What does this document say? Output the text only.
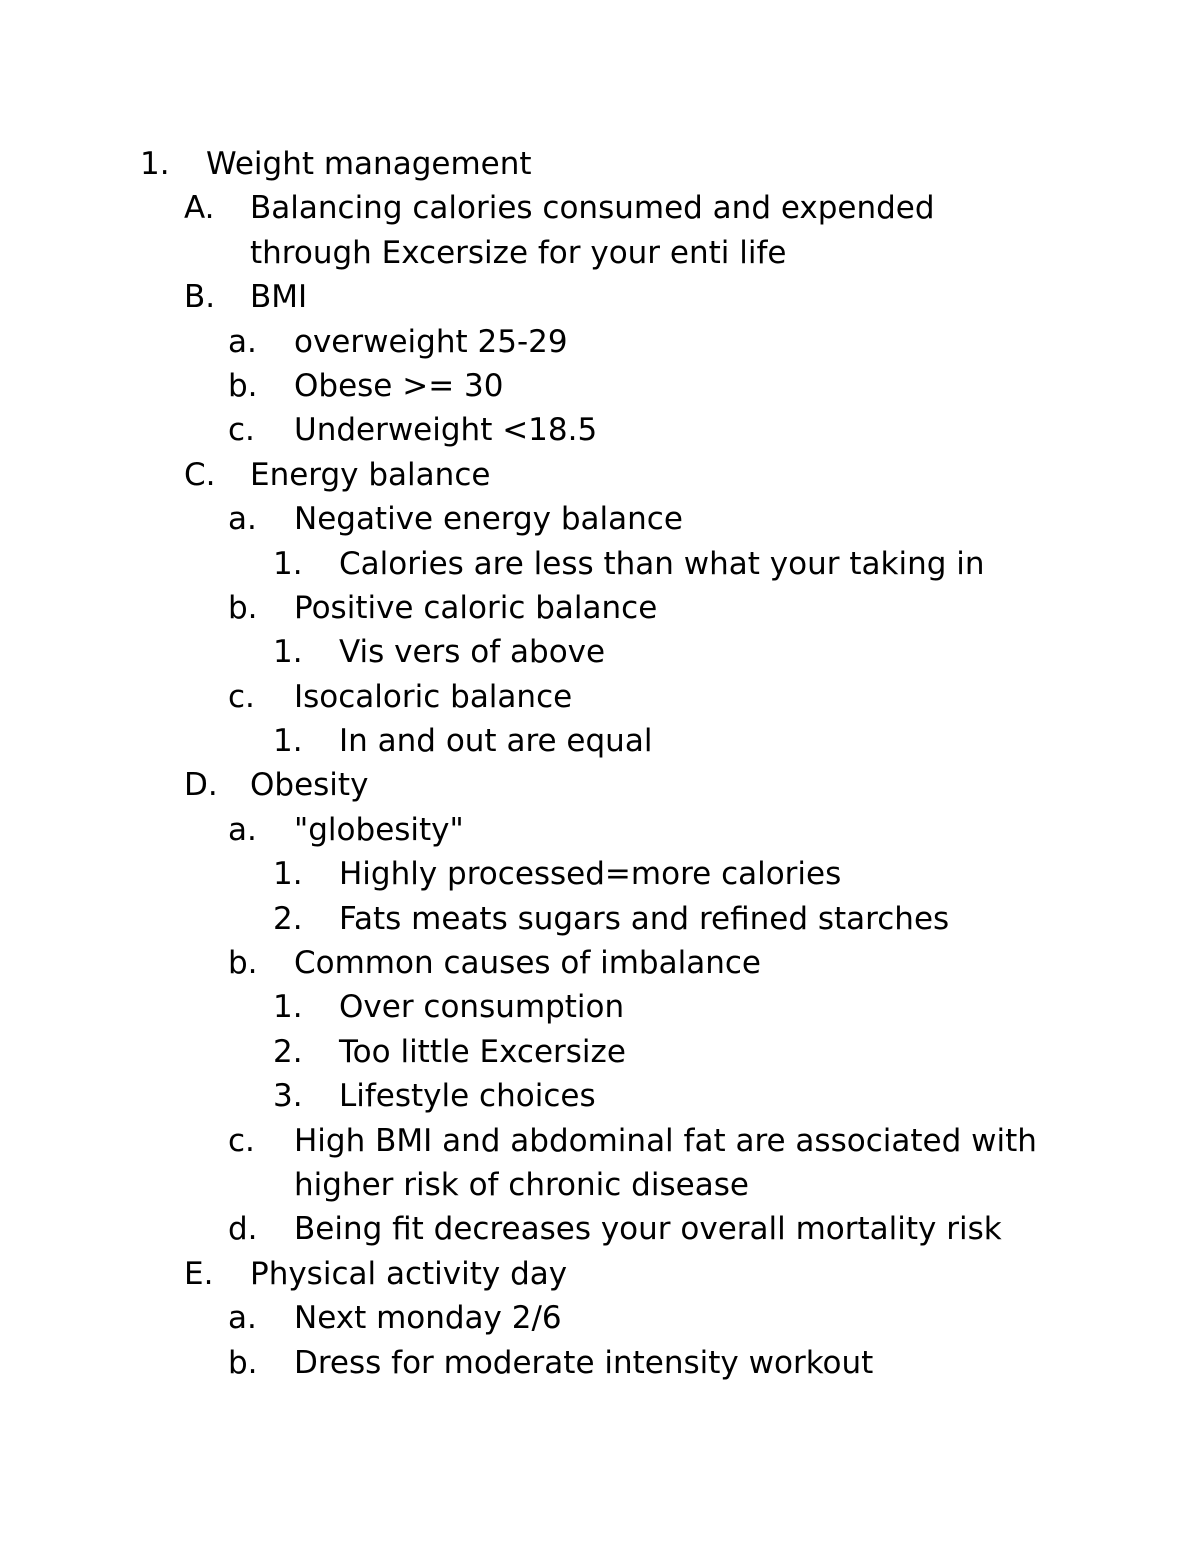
1. Weight management
A. Balancing calories consumed and expended
through Excersize for your enti life
B. BMI
a. overweight 25-29
b. Obese >= 30
c. Underweight <18.5
C. Energy balance
a. Negative energy balance
1. Calories are less than what your taking in
b. Positive caloric balance
1. Vis vers of above
c. Isocaloric balance
1. In and out are equal
D. Obesity
a. "globesity"
1. Highly processed=more calories
2. Fats meats sugars and refined starches
b. Common causes of imbalance
1. Over consumption
2. Too little Excersize
3. Lifestyle choices
c. High BMI and abdominal fat are associated with
higher risk of chronic disease
d. Being fit decreases your overall mortality risk
E. Physical activity day
a. Next monday 2/6
b. Dress for moderate intensity workout
